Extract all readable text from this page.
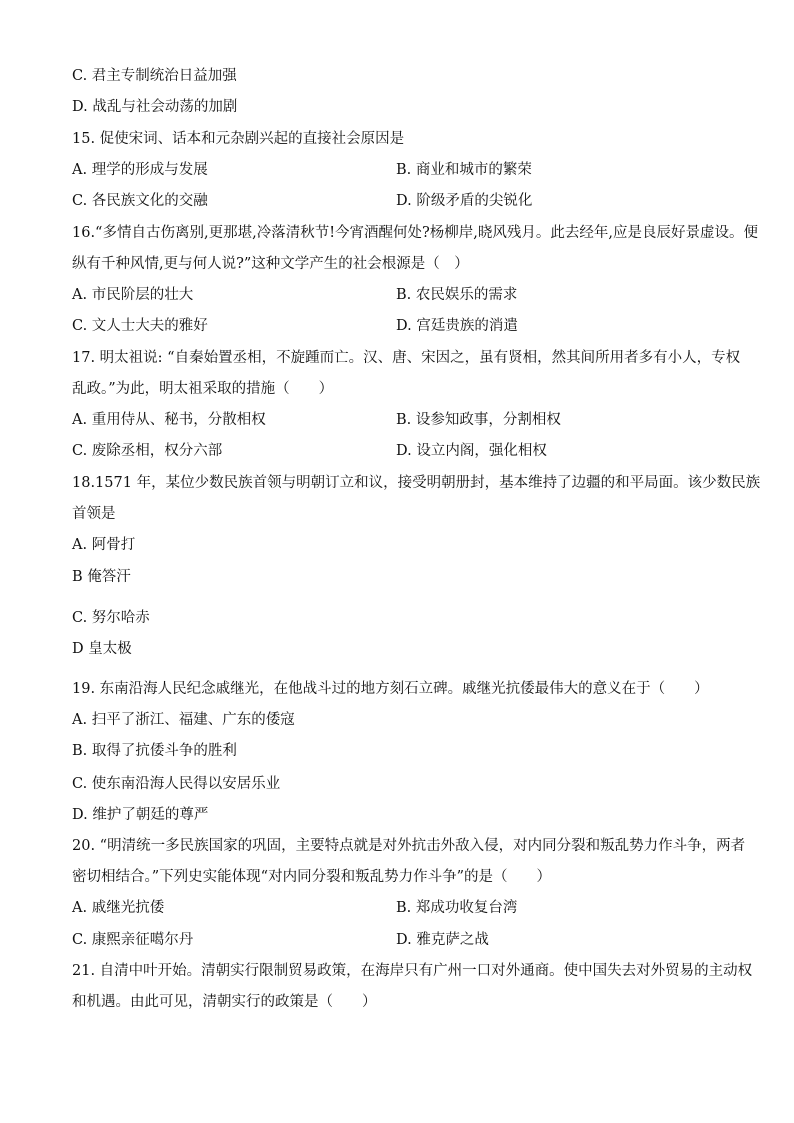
C. 君主专制统治日益加强
D. 战乱与社会动荡的加剧
15. 促使宋词、话本和元杂剧兴起的直接社会原因是
A. 理学的形成与发展	B. 商业和城市的繁荣
C. 各民族文化的交融	D. 阶级矛盾的尖锐化
16.“多情自古伤离别,更那堪,冷落清秋节!今宵酒醒何处?杨柳岸,晓风残月。此去经年,应是良辰好景虚设。便
纵有千种风情,更与何人说?”这种文学产生的社会根源是（　）
A. 市民阶层的壮大	B. 农民娱乐的需求
C. 文人士大夫的雅好	D. 宫廷贵族的消遣
17. 明太祖说: “自秦始置丞相，不旋踵而亡。汉、唐、宋因之，虽有贤相，然其间所用者多有小人，专权
乱政。”为此，明太祖采取的措施（　　）
A. 重用侍从、秘书，分散相权	B. 设参知政事，分割相权
C. 废除丞相，权分六部	D. 设立内阁，强化相权
18.1571 年，某位少数民族首领与明朝订立和议，接受明朝册封，基本维持了边疆的和平局面。该少数民族
首领是
A. 阿骨打
B 俺答汗
C. 努尔哈赤
D 皇太极
19. 东南沿海人民纪念戚继光，在他战斗过的地方刻石立碑。戚继光抗倭最伟大的意义在于（　　）
A. 扫平了浙江、福建、广东的倭寇
B. 取得了抗倭斗争的胜利
C. 使东南沿海人民得以安居乐业
D. 维护了朝廷的尊严
20. “明清统一多民族国家的巩固，主要特点就是对外抗击外敌入侵，对内同分裂和叛乱势力作斗争，两者
密切相结合。”下列史实能体现“对内同分裂和叛乱势力作斗争”的是（　　）
A. 戚继光抗倭	B. 郑成功收复台湾
C. 康熙亲征噶尔丹	D. 雅克萨之战
21. 自清中叶开始。清朝实行限制贸易政策，在海岸只有广州一口对外通商。使中国失去对外贸易的主动权
和机遇。由此可见，清朝实行的政策是（　　）
